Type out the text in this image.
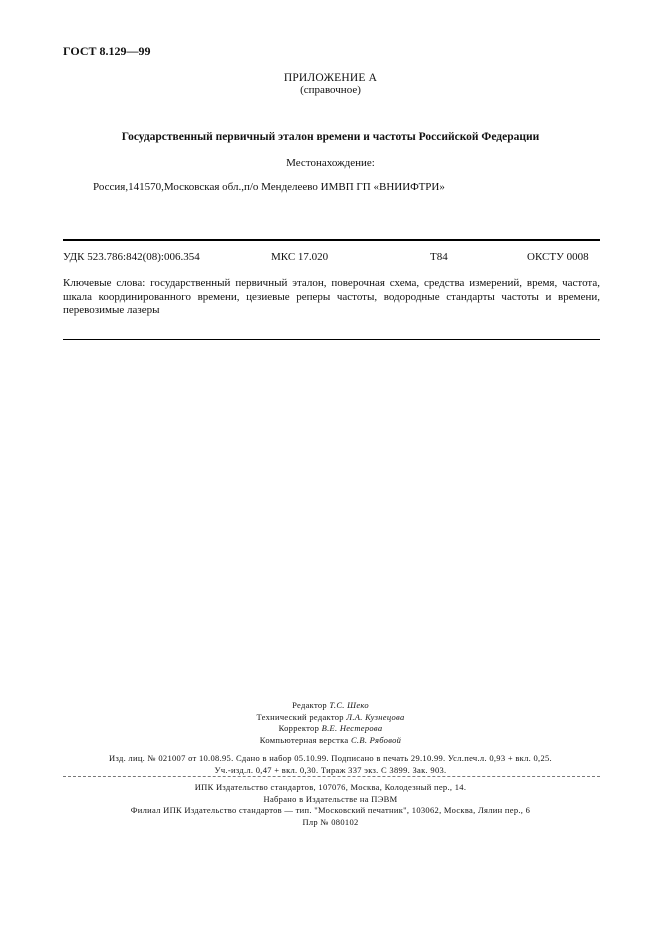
ГОСТ 8.129—99
ПРИЛОЖЕНИЕ А
(справочное)
Государственный первичный эталон времени и частоты Российской Федерации
Местонахождение:
Россия,141570,Московская обл.,п/о Менделеево ИМВП ГП «ВНИИФТРИ»
УДК 523.786:842(08):006.354	МКС 17.020	Т84	ОКСТУ 0008
Ключевые слова: государственный первичный эталон, поверочная схема, средства измерений, время, частота, шкала координированного времени, цезиевые реперы частоты, водородные стандарты частоты и времени, перевозимые лазеры
Редактор Т.С. Шеко
Технический редактор Л.А. Кузнецова
Корректор В.Е. Нестерова
Компьютерная верстка С.В. Рябовой
Изд. лиц. № 021007 от 10.08.95. Сдано в набор 05.10.99. Подписано в печать 29.10.99. Усл.печ.л. 0,93 + вкл. 0,25.
Уч.-изд.л. 0,47 + вкл. 0,30. Тираж 337 экз. С 3899. Зак. 903.
ИПК Издательство стандартов, 107076, Москва, Колодезный пер., 14.
Набрано в Издательстве на ПЭВМ
Филиал ИПК Издательство стандартов — тип. "Московский печатник", 103062, Москва, Лялин пер., 6
Плр № 080102
